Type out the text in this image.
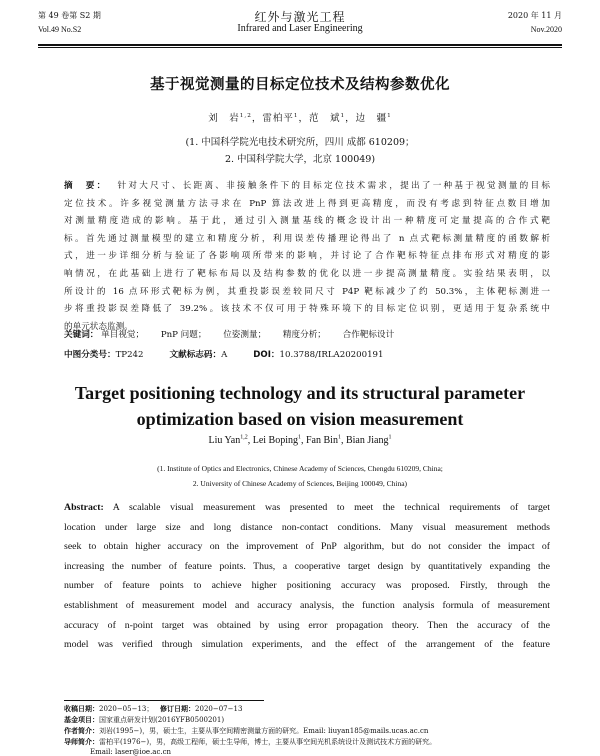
第 49 卷第 S2 期
Vol.49 No.S2
红外与激光工程
Infrared and Laser Engineering
2020 年 11 月
Nov.2020
基于视觉测量的目标定位技术及结构参数优化
刘　岩$^{1,2}$，雷柏平$^1$，范　斌$^1$，边　疆$^1$
(1. 中国科学院光电技术研究所，四川 成都 610209；
2. 中国科学院大学，北京 100049)
摘　要： 针对大尺寸、长距离、非接触条件下的目标定位技术需求，提出了一种基于视觉测量的目标
定位技术。许多视觉测量方法寻求在 PnP 算法改进上得到更高精度，而没有考虑到特征点数目增加
对测量精度造成的影响。基于此，通过引入测量基线的概念设计出一种精度可定量提高的合作式靶
标。首先通过测量模型的建立和精度分析，利用误差传播理论得出了 n 点式靶标测量精度的函数解析
式，进一步详细分析与验证了各影响项所带来的影响，并讨论了合作靶标特征点排布形式对精度的影
响情况，在此基础上进行了靶标布局以及结构参数的优化以进一步提高测量精度。实验结果表明，以
所设计的 16 点环形式靶标为例，其重投影误差较同尺寸 P4P 靶标减少了约 50.3%，主体靶标测进一
步将重投影误差降低了 39.2%。该技术不仅可用于特殊环境下的目标定位识别，更适用于复杂系统中
的单元状态监测。
关键词： 单目视觉； PnP 问题； 位姿测量； 精度分析； 合作靶标设计
中图分类号：TP242	文献标志码：A	DOI：10.3788/IRLA20200191
Target positioning technology and its structural parameter
optimization based on vision measurement
Liu Yan$^{1,2}$, Lei Boping$^1$, Fan Bin$^1$, Bian Jiang$^1$
(1. Institute of Optics and Electronics, Chinese Academy of Sciences, Chengdu 610209, China;
2. University of Chinese Academy of Sciences, Beijing 100049, China)
Abstract: A scalable visual measurement was presented to meet the technical requirements of target
location under large size and long distance non-contact conditions. Many visual measurement methods
seek to obtain higher accuracy on the improvement of PnP algorithm, but do not consider the impact of
increasing the number of feature points. Thus, a cooperative target design by quantitatively expanding the
number of feature points to achieve higher positioning accuracy was proposed. Firstly, through the
establishment of measurement model and accuracy analysis, the function analysis formula of measurement
accuracy of n-point target was obtained by using error propagation theory. Then the accuracy of the
model was verified through simulation experiments, and the effect of the arrangement of the feature
收稿日期：2020−05−13； 修订日期：2020−07−13
基金项目：国家重点研发计划(2016YFB0500201)
作者简介：刘岩(1995−)，男，硕士生，主要从事空间精密测量方面的研究。Email: liuyan185@mails.ucas.ac.cn
导师简介：雷柏平(1976−)，男，高级工程师，硕士生导师，博士，主要从事空间光机系统设计及测试技术方面的研究。
Email: laser@ioe.ac.cn
